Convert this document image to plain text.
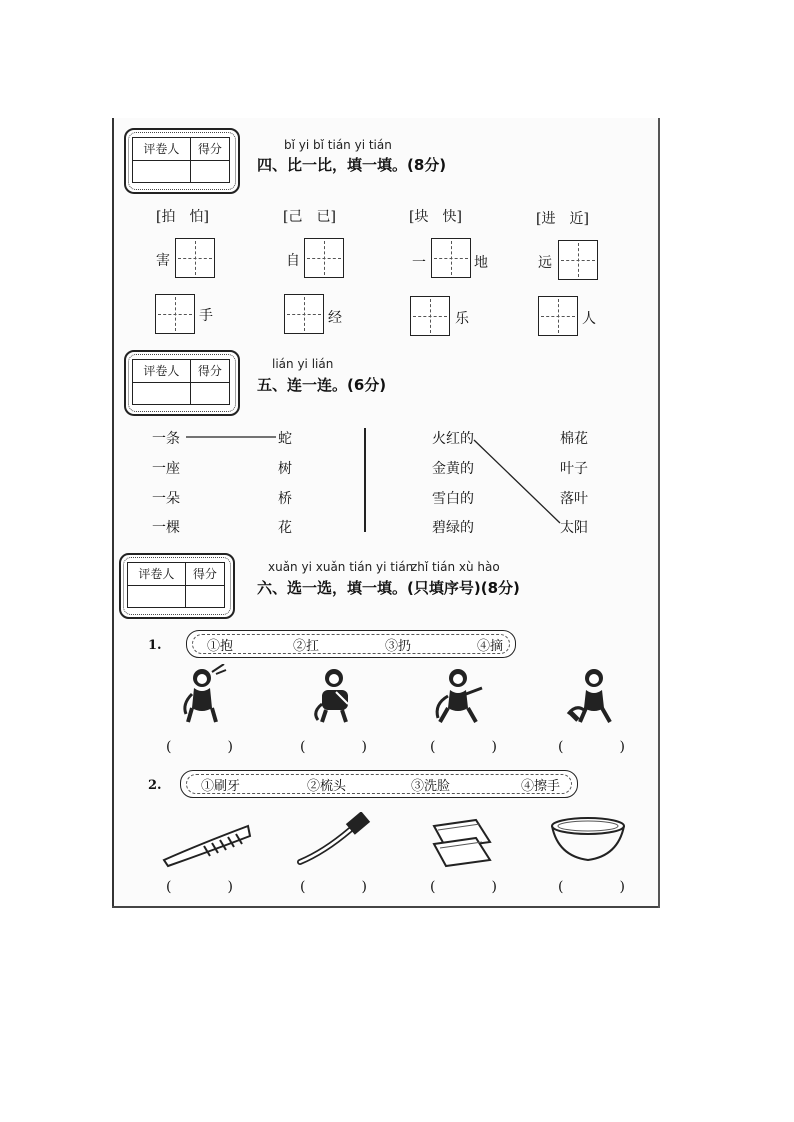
评卷人	得分
		bǐ yi bǐ tián yi tián
四、比一比，填一填。(8分)
[拍　怕]
害
手
[己　已]
自
经
[块　快]
一	地
乐
[进　近]
远
人
评卷人	得分

lián yi lián
五、连一连。(6分)
一条
一座
一朵
一棵
蛇
树
桥
花
火红的
金黄的
雪白的
碧绿的
棉花
叶子
落叶
太阳
评卷人	得分

xuǎn yi xuǎn tián yi tián
zhǐ tián xù hào
六、选一选，填一填。(只填序号)(8分)
1.	①抱	②扛	③扔	④摘
(　　　　)	(　　　　)	(　　　　)	(　　　　)
2.	①刷牙	②梳头	③洗脸	④擦手
(　　　　)	(　　　　)	(　　　　)	(　　　　)
